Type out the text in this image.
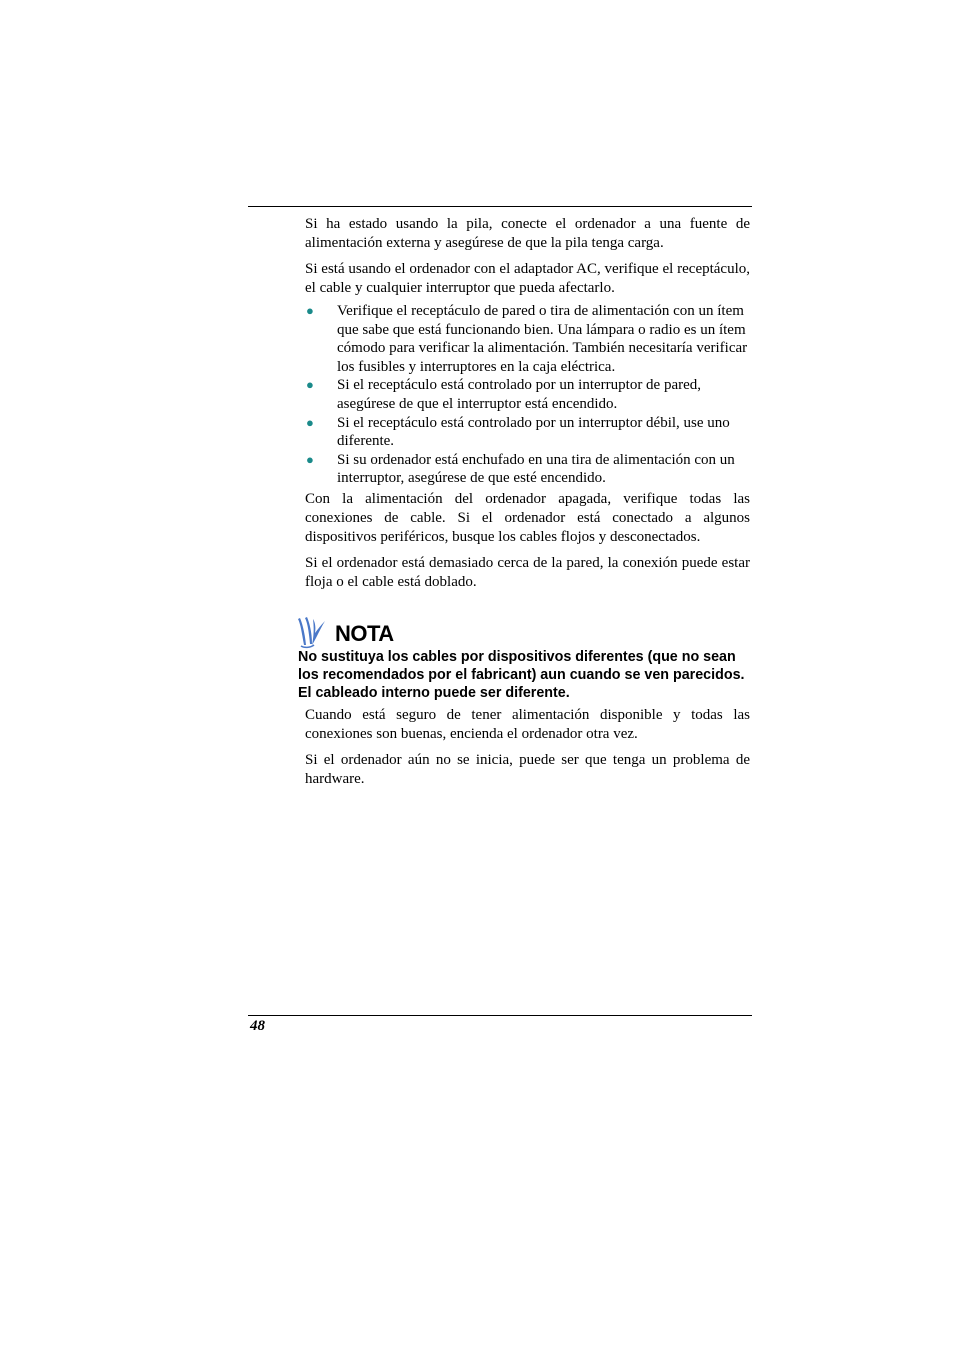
Si ha estado usando la pila, conecte el ordenador a una fuente de alimentación externa y asegúrese de que la pila tenga carga.

Si está usando el ordenador con el adaptador AC, verifique el receptáculo, el cable y cualquier interruptor que pueda afectarlo.

● Verifique el receptáculo de pared o tira de alimentación con un ítem que sabe que está funcionando bien. Una lámpara o radio es un ítem cómodo para verificar la alimentación. También necesitaría verificar los fusibles y interruptores en la caja eléctrica.
● Si el receptáculo está controlado por un interruptor de pared, asegúrese de que el interruptor está encendido.
● Si el receptáculo está controlado por un interruptor débil, use uno diferente.
● Si su ordenador está enchufado en una tira de alimentación con un interruptor, asegúrese de que esté encendido.

Con la alimentación del ordenador apagada, verifique todas las conexiones de cable. Si el ordenador está conectado a algunos dispositivos periféricos, busque los cables flojos y desconectados.

Si el ordenador está demasiado cerca de la pared, la conexión puede estar floja o el cable está doblado.

NOTA

No sustituya los cables por dispositivos diferentes (que no sean los recomendados por el fabricant) aun cuando se ven parecidos. El cableado interno puede ser diferente.

Cuando está seguro de tener alimentación disponible y todas las conexiones son buenas, encienda el ordenador otra vez.

Si el ordenador aún no se inicia, puede ser que tenga un problema de hardware.

48
